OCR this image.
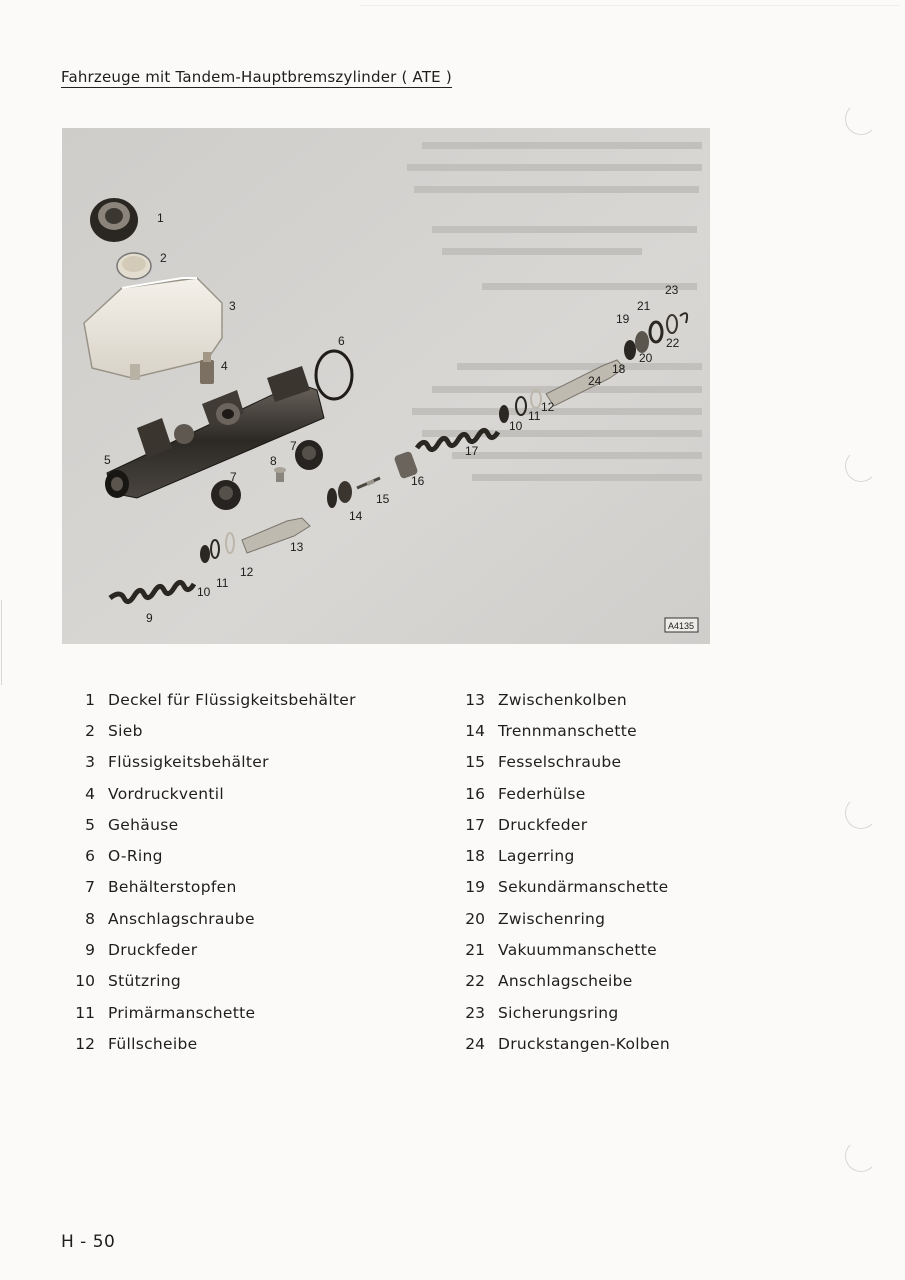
Fahrzeuge mit Tandem-Hauptbremszylinder ( ATE )
1
2
3
4
5
6
7
7
8
9
10
11
12
13
14
15
16
17
10
11
12
18
24
19
21
20
22
23
A4135
1 Deckel für Flüssigkeitsbehälter
2 Sieb
3 Flüssigkeitsbehälter
4 Vordruckventil
5 Gehäuse
6 O-Ring
7 Behälterstopfen
8 Anschlagschraube
9 Druckfeder
10 Stützring
11 Primärmanschette
12 Füllscheibe
13 Zwischenkolben
14 Trennmanschette
15 Fesselschraube
16 Federhülse
17 Druckfeder
18 Lagerring
19 Sekundärmanschette
20 Zwischenring
21 Vakuummanschette
22 Anschlagscheibe
23 Sicherungsring
24 Druckstangen-Kolben
H - 50
